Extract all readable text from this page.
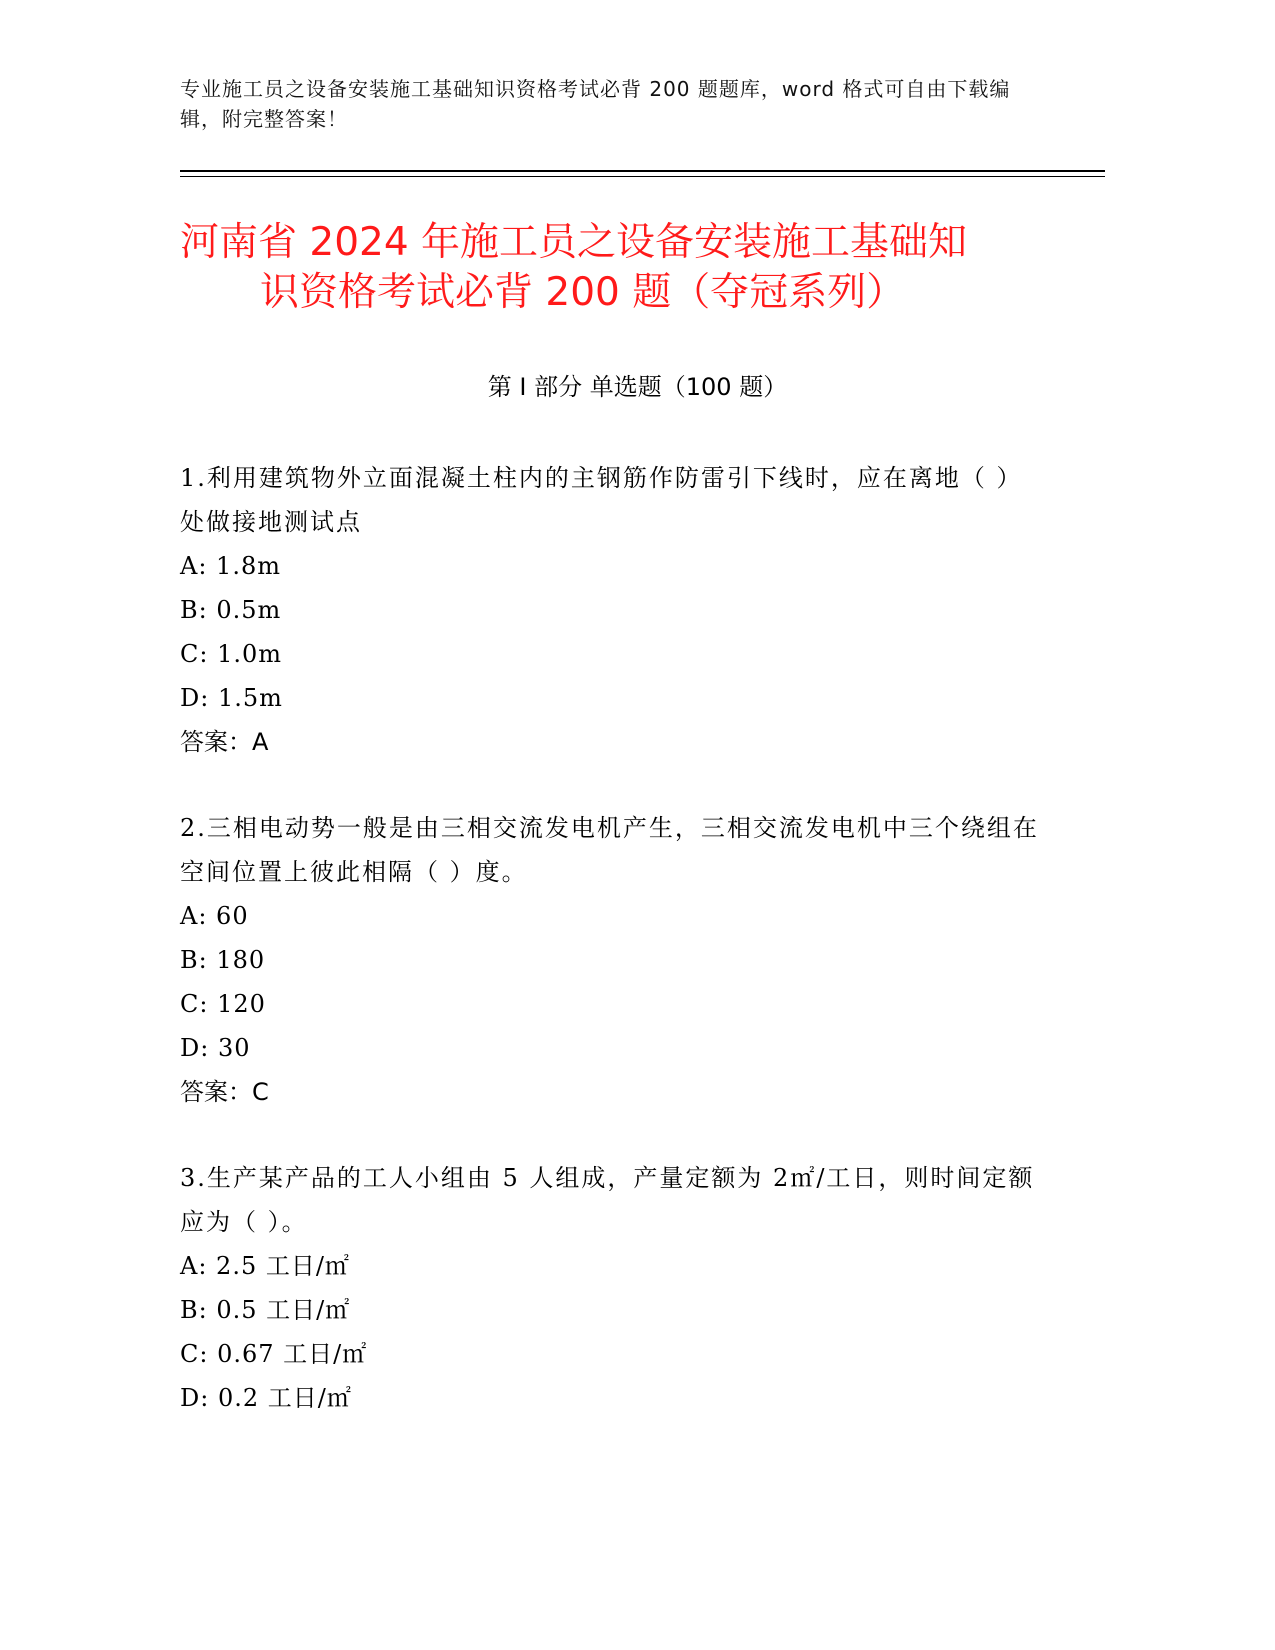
专业施工员之设备安装施工基础知识资格考试必背 200 题题库，word 格式可自由下载编辑，附完整答案！
河南省 2024 年施工员之设备安装施工基础知
识资格考试必背 200 题（夺冠系列）
第 I 部分 单选题（100 题）

1.利用建筑物外立面混凝土柱内的主钢筋作防雷引下线时，应在离地（ ）处做接地测试点

A: 1.8m

B: 0.5m

C: 1.0m

D: 1.5m

答案：A

2.三相电动势一般是由三相交流发电机产生，三相交流发电机中三个绕组在空间位置上彼此相隔（ ）度。

A: 60

B: 180

C: 120

D: 30

答案：C

3.生产某产品的工人小组由 5 人组成，产量定额为 2㎡/工日，则时间定额应为（ ）。

A: 2.5 工日/㎡

B: 0.5 工日/㎡

C: 0.67 工日/㎡

D: 0.2 工日/㎡
